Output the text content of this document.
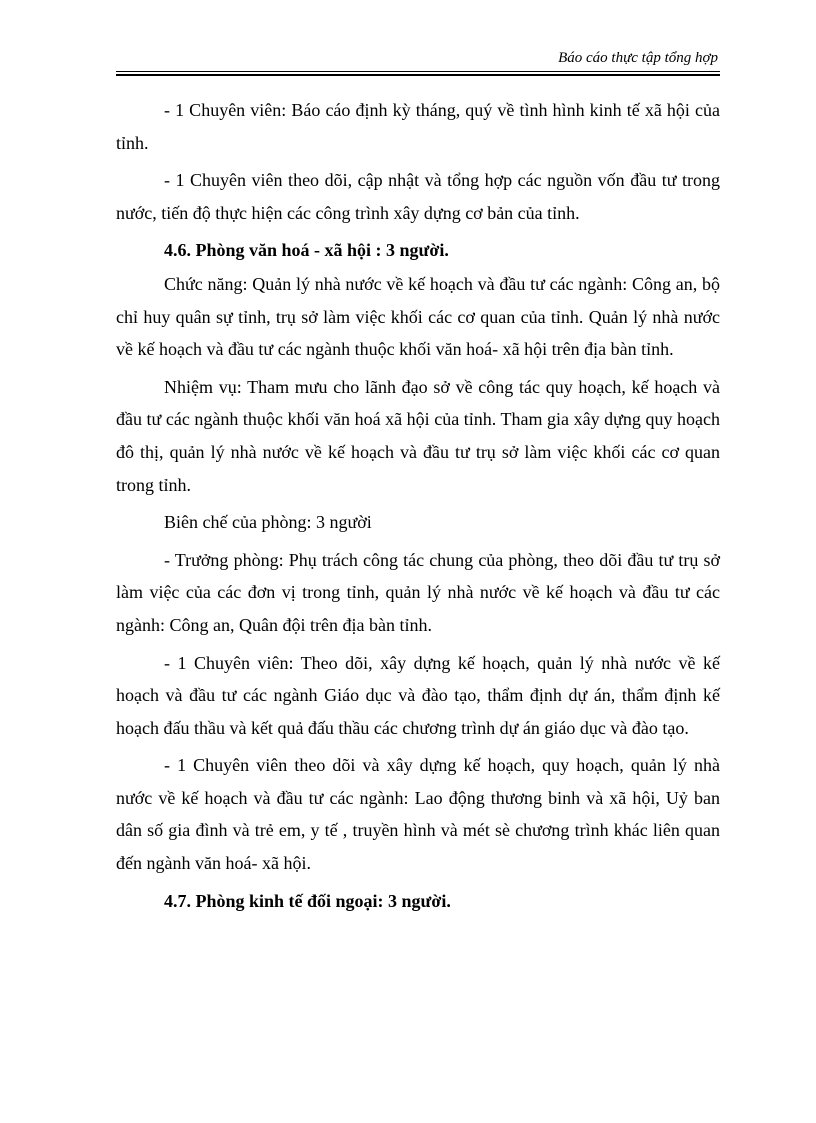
Báo cáo thực tập tổng hợp

- 1 Chuyên viên: Báo cáo định kỳ tháng, quý về tình hình kinh tế xã hội của tỉnh.

- 1 Chuyên viên theo dõi, cập nhật và tổng hợp các nguồn vốn đầu tư trong nước, tiến độ thực hiện các công trình xây dựng cơ bản của tỉnh.

4.6. Phòng văn hoá - xã hội : 3 người.

Chức năng: Quản lý nhà nước về kế hoạch và đầu tư các ngành: Công an, bộ chỉ huy quân sự tỉnh, trụ sở làm việc khối các cơ quan của tỉnh. Quản lý nhà nước về kế hoạch và đầu tư các ngành thuộc khối văn hoá- xã hội trên địa bàn tỉnh.

Nhiệm vụ: Tham mưu cho lãnh đạo sở về công tác quy hoạch, kế hoạch và đầu tư các ngành thuộc khối văn hoá xã hội của tỉnh. Tham gia xây dựng quy hoạch đô thị, quản lý nhà nước về kế hoạch và đầu tư trụ sở làm việc khối các cơ quan trong tỉnh.

Biên chế của phòng: 3 người

- Trưởng phòng: Phụ trách công tác chung của phòng, theo dõi đầu tư trụ sở làm việc của các đơn vị trong tỉnh, quản lý nhà nước về kế hoạch và đầu tư các ngành: Công an, Quân đội trên địa bàn tỉnh.

- 1 Chuyên viên: Theo dõi, xây dựng kế hoạch, quản lý nhà nước về kế hoạch và đầu tư các ngành Giáo dục và đào tạo, thẩm định dự án, thẩm định kế hoạch đấu thầu và kết quả đấu thầu các chương trình dự án giáo dục và đào tạo.

- 1 Chuyên viên theo dõi và xây dựng kế hoạch, quy hoạch, quản lý nhà nước về kế hoạch và đầu tư các ngành: Lao động thương binh và xã hội, Uỷ ban dân số gia đình và trẻ em, y tế , truyền hình và mét sè chương trình khác liên quan đến ngành văn hoá- xã hội.

4.7. Phòng kinh tế đối ngoại: 3 người.
